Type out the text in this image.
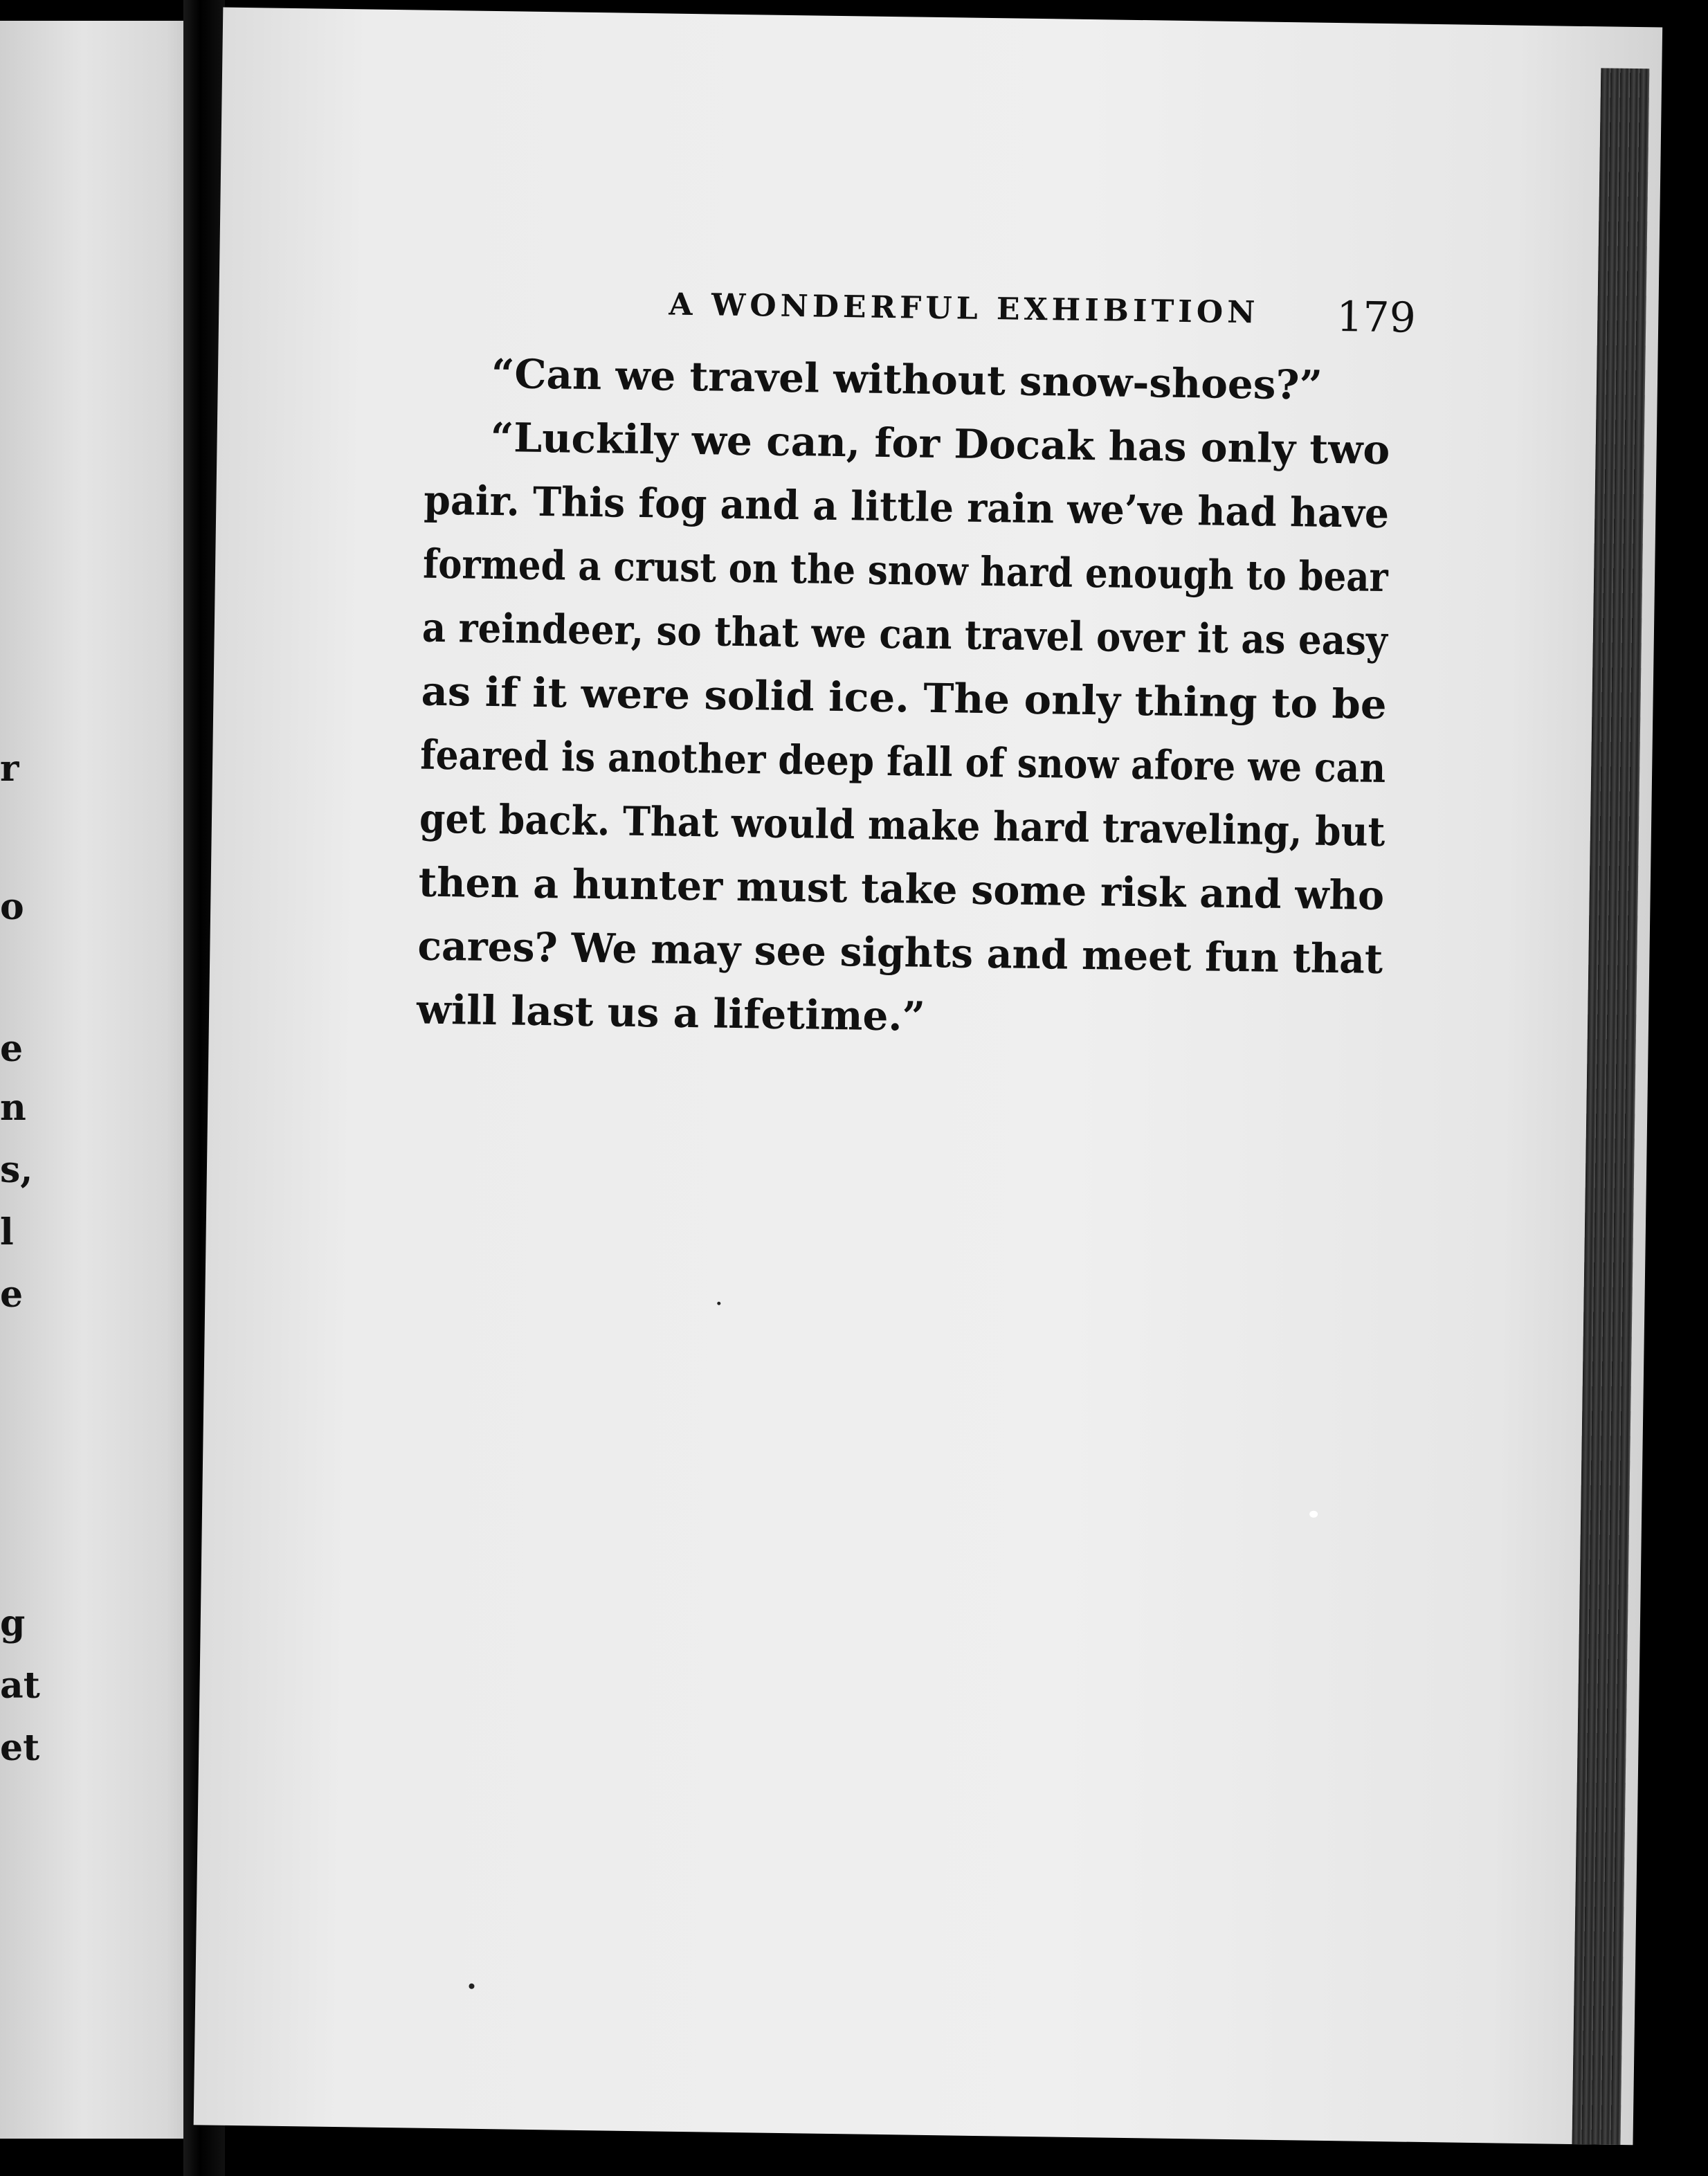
r
o
e
n
s,
l
e
g
at
et
A WONDERFUL EXHIBITION 179
“Can we travel without snow-shoes?”
“Luckily we can, for Docak has only two
pair. This fog and a little rain we’ve had have
formed a crust on the snow hard enough to bear
a reindeer, so that we can travel over it as easy
as if it were solid ice. The only thing to be
feared is another deep fall of snow afore we can
get back. That would make hard traveling, but
then a hunter must take some risk and who
cares? We may see sights and meet fun that
will last us a lifetime.”
